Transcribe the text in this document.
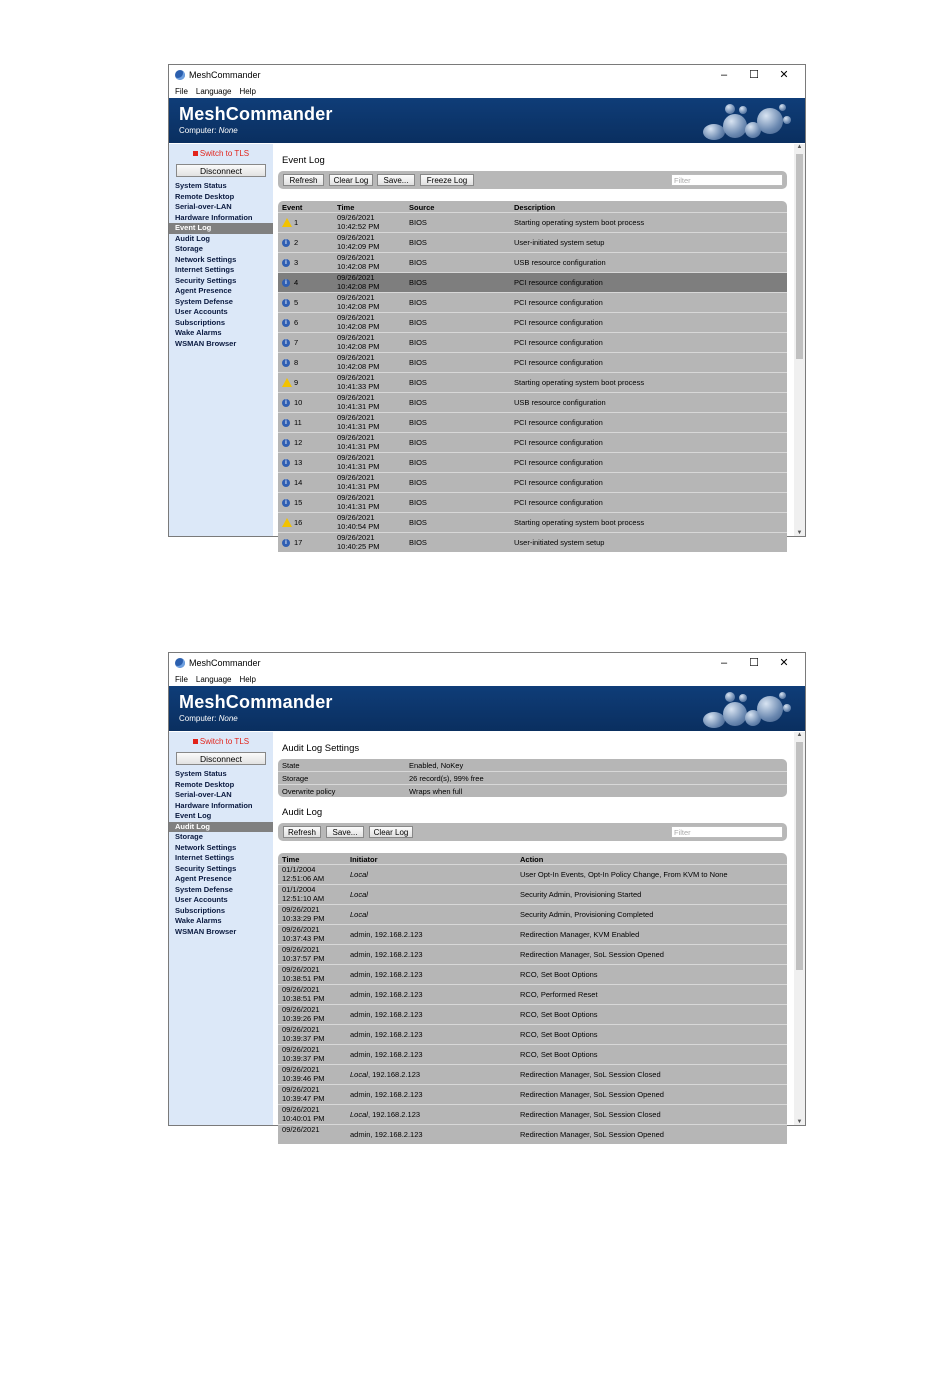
MeshCommander	–	☐	✕
File Language Help
MeshCommander
Computer: None
Switch to TLS
Disconnect
System Status
Remote Desktop
Serial-over-LAN
Hardware Information
Event Log
Audit Log
Storage
Network Settings
Internet Settings
Security Settings
Agent Presence
System Defense
User Accounts
Subscriptions
Wake Alarms
WSMAN Browser
Event Log
Refresh	Clear Log	Save...	Freeze Log	Filter
Event	Time	Source	Description
1
09/26/2021
10:42:52 PM	BIOS	Starting operating system boot process
i 2
09/26/2021
10:42:09 PM	BIOS	User-initiated system setup
i 3
09/26/2021
10:42:08 PM	BIOS	USB resource configuration
i 4
09/26/2021
10:42:08 PM	BIOS	PCI resource configuration
i 5
09/26/2021
10:42:08 PM	BIOS	PCI resource configuration
i 6
09/26/2021
10:42:08 PM	BIOS	PCI resource configuration
i 7
09/26/2021
10:42:08 PM	BIOS	PCI resource configuration
i 8
09/26/2021
10:42:08 PM	BIOS	PCI resource configuration
9
09/26/2021
10:41:33 PM	BIOS	Starting operating system boot process
i 10
09/26/2021
10:41:31 PM	BIOS	USB resource configuration
i 11
09/26/2021
10:41:31 PM	BIOS	PCI resource configuration
i 12
09/26/2021
10:41:31 PM	BIOS	PCI resource configuration
i 13
09/26/2021
10:41:31 PM	BIOS	PCI resource configuration
i 14
09/26/2021
10:41:31 PM	BIOS	PCI resource configuration
i 15
09/26/2021
10:41:31 PM	BIOS	PCI resource configuration
16
09/26/2021
10:40:54 PM	BIOS	Starting operating system boot process
i 17
09/26/2021
10:40:25 PM	BIOS	User-initiated system setup
▲
▼
MeshCommander	–	☐	✕
File Language Help
MeshCommander
Computer: None
Switch to TLS
Disconnect
System Status
Remote Desktop
Serial-over-LAN
Hardware Information
Event Log
Audit Log
Storage
Network Settings
Internet Settings
Security Settings
Agent Presence
System Defense
User Accounts
Subscriptions
Wake Alarms
WSMAN Browser
Audit Log Settings
State	Enabled, NoKey
Storage	26 record(s), 99% free
Overwrite policy	Wraps when full
Audit Log
Refresh	Save...	Clear Log	Filter
Time	Initiator	Action
01/1/2004
12:51:06 AM	Local	User Opt-In Events, Opt-In Policy Change, From KVM to None
01/1/2004
12:51:10 AM	Local	Security Admin, Provisioning Started
09/26/2021
10:33:29 PM	Local	Security Admin, Provisioning Completed
09/26/2021
10:37:43 PM	admin, 192.168.2.123	Redirection Manager, KVM Enabled
09/26/2021
10:37:57 PM	admin, 192.168.2.123	Redirection Manager, SoL Session Opened
09/26/2021
10:38:51 PM	admin, 192.168.2.123	RCO, Set Boot Options
09/26/2021
10:38:51 PM	admin, 192.168.2.123	RCO, Performed Reset
09/26/2021
10:39:26 PM	admin, 192.168.2.123	RCO, Set Boot Options
09/26/2021
10:39:37 PM	admin, 192.168.2.123	RCO, Set Boot Options
09/26/2021
10:39:37 PM	admin, 192.168.2.123	RCO, Set Boot Options
09/26/2021
10:39:46 PM	Local, 192.168.2.123	Redirection Manager, SoL Session Closed
09/26/2021
10:39:47 PM	admin, 192.168.2.123	Redirection Manager, SoL Session Opened
09/26/2021
10:40:01 PM	Local, 192.168.2.123	Redirection Manager, SoL Session Closed
09/26/2021
admin, 192.168.2.123	Redirection Manager, SoL Session Opened
▲
▼
